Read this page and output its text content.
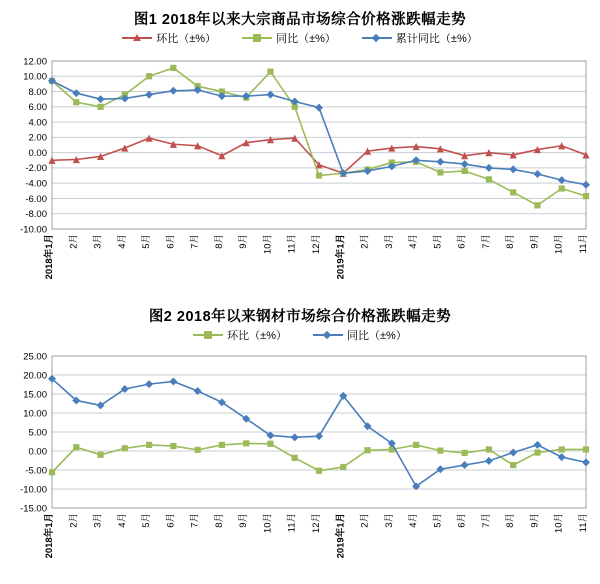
图1 2018年以来大宗商品市场综合价格涨跌幅走势
环比（±%）	同比（±%）	累计同比（±%）
-10.00
-8.00
-6.00
-4.00
-2.00
0.00
2.00
4.00
6.00
8.00
10.00
12.00
2018年1月 2月 3月 4月 5月 6月 7月 8月 9月 10月 11月 12月 2019年1月 2月 3月 4月 5月 6月 7月 8月 9月 10月 11月
图2 2018年以来钢材市场综合价格涨跌幅走势
环比（±%）	同比（±%）
-15.00
-10.00
-5.00
0.00
5.00
10.00
15.00
20.00
25.00
2018年1月 2月 3月 4月 5月 6月 7月 8月 9月 10月 11月 12月 2019年1月 2月 3月 4月 5月 6月 7月 8月 9月 10月 11月
